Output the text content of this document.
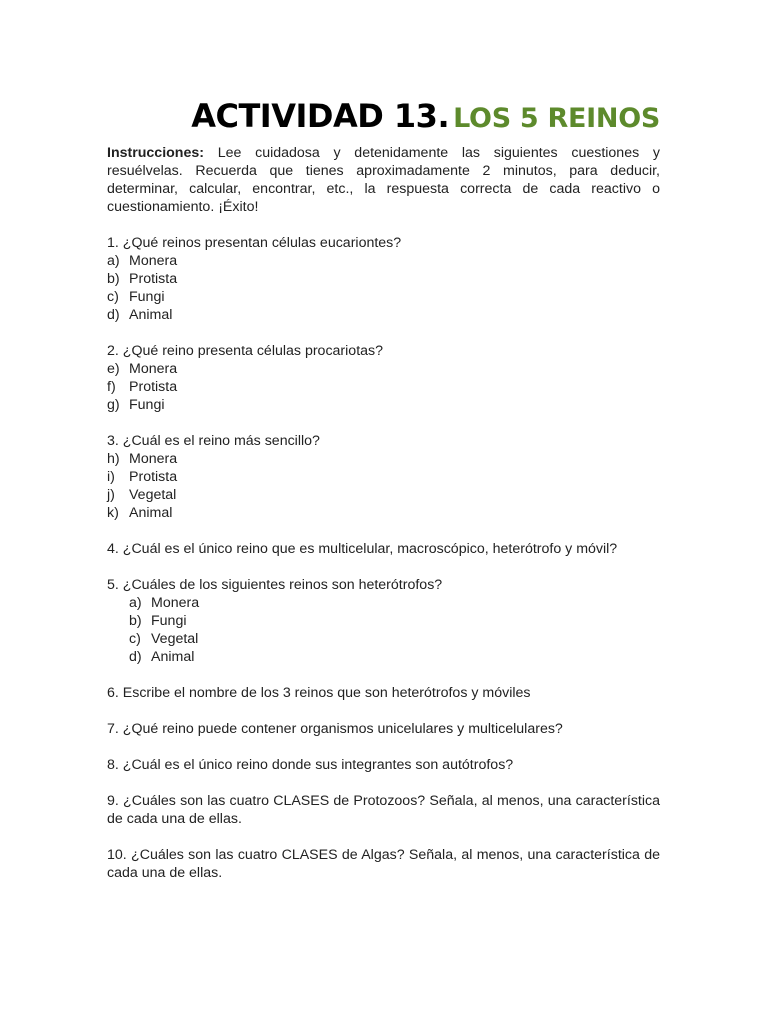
ACTIVIDAD 13. LOS 5 REINOS

Instrucciones: Lee cuidadosa y detenidamente las siguientes cuestiones y resuélvelas. Recuerda que tienes aproximadamente 2 minutos, para deducir, determinar, calcular, encontrar, etc., la respuesta correcta de cada reactivo o cuestionamiento. ¡Éxito!

1. ¿Qué reinos presentan células eucariontes?

a) Monera
b) Protista
c) Fungi
d) Animal

2. ¿Qué reino presenta células procariotas?

e) Monera
f) Protista
g) Fungi

3. ¿Cuál es el reino más sencillo?

h) Monera
i) Protista
j) Vegetal
k) Animal

4. ¿Cuál es el único reino que es multicelular, macroscópico, heterótrofo y móvil?

5. ¿Cuáles de los siguientes reinos son heterótrofos?

a) Monera
b) Fungi
c) Vegetal
d) Animal

6. Escribe el nombre de los 3 reinos que son heterótrofos y móviles

7. ¿Qué reino puede contener organismos unicelulares y multicelulares?

8. ¿Cuál es el único reino donde sus integrantes son autótrofos?

9. ¿Cuáles son las cuatro CLASES de Protozoos? Señala, al menos, una característica de cada una de ellas.

10. ¿Cuáles son las cuatro CLASES de Algas? Señala, al menos, una característica de cada una de ellas.
